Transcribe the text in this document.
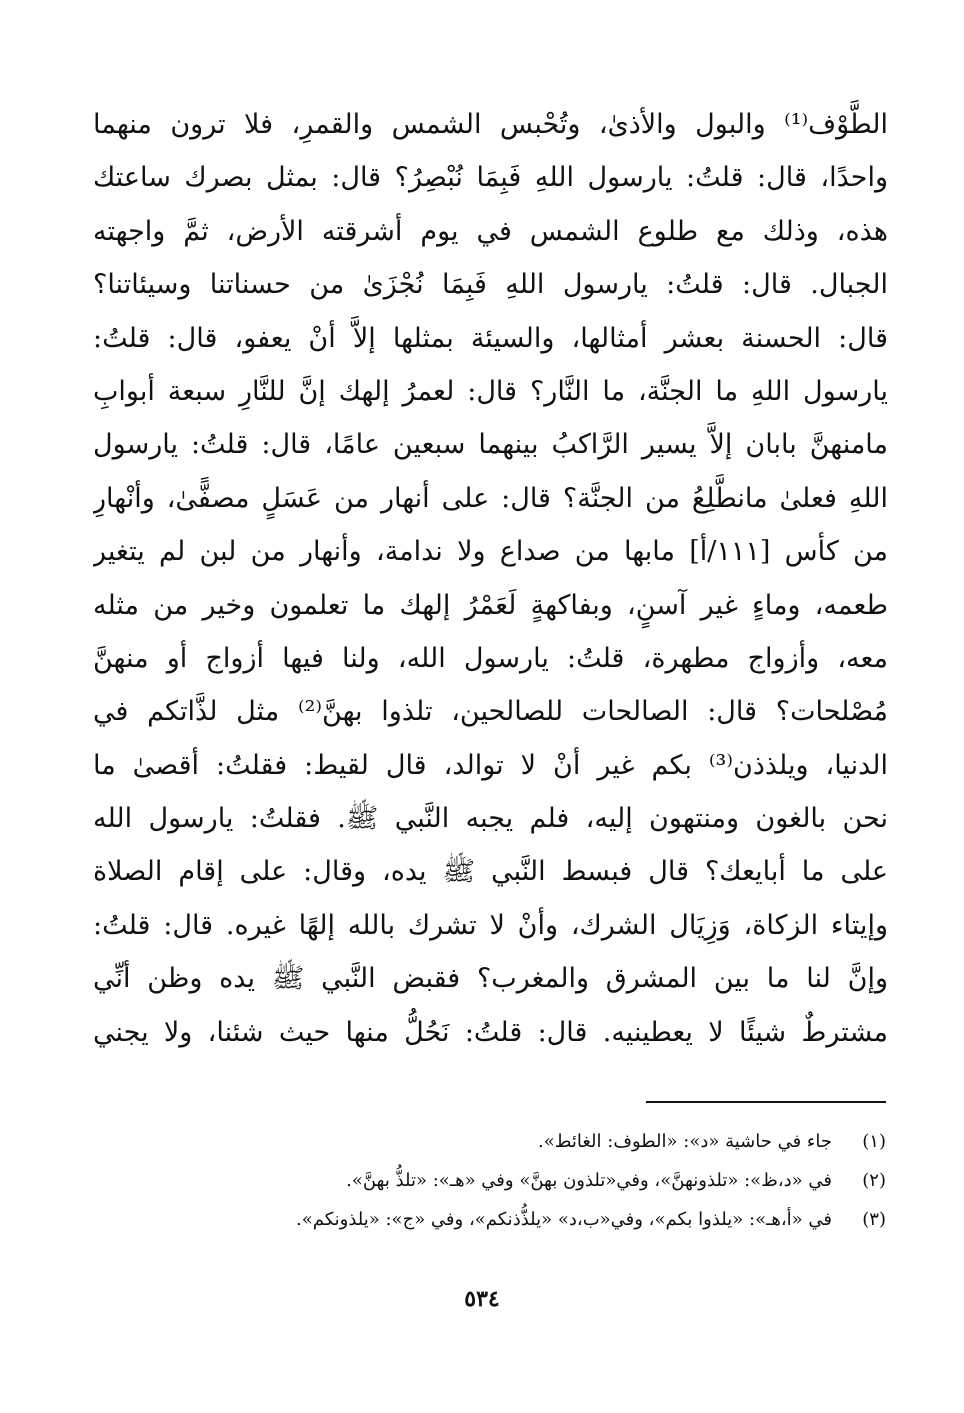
الطَّوْف⁽¹⁾ والبول والأذىٰ، وتُحْبس الشمس والقمرِ، فلا ترون منهما
واحدًا، قال: قلتُ: يارسول اللهِ فَبِمَا نُبْصِرُ؟ قال: بمثل بصرك ساعتك
هذه، وذلك مع طلوع الشمس في يوم أشرقته الأرض، ثمَّ واجهته
الجبال. قال: قلتُ: يارسول اللهِ فَبِمَا نُجْزَىٰ من حسناتنا وسيئاتنا؟
قال: الحسنة بعشر أمثالها، والسيئة بمثلها إلاَّ أنْ يعفو، قال: قلتُ:
يارسول اللهِ ما الجنَّة، ما النَّار؟ قال: لعمرُ إلهك إنَّ للنَّارِ سبعة أبوابِ
مامنهنَّ بابان إلاَّ يسير الرَّاكبُ بينهما سبعين عامًا، قال: قلتُ: يارسول
اللهِ فعلىٰ مانطَّلِعُ من الجنَّة؟ قال: على أنهار من عَسَلٍ مصفًّىٰ، وأنْهارِ
من كأس [١١١/أ] مابها من صداع ولا ندامة، وأنهار من لبن لم يتغير
طعمه، وماءٍ غير آسنٍ، وبفاكهةٍ لَعَمْرُ إلهك ما تعلمون وخير من مثله
معه، وأزواج مطهرة، قلتُ: يارسول الله، ولنا فيها أزواج أو منهنَّ
مُصْلحات؟ قال: الصالحات للصالحين، تلذوا بهنَّ⁽²⁾ مثل لذَّاتكم في
الدنيا، ويلذذن⁽³⁾ بكم غير أنْ لا توالد، قال لقيط: فقلتُ: أقصىٰ ما
نحن بالغون ومنتهون إليه، فلم يجبه النَّبي ﷺ. فقلتُ: يارسول الله
على ما أبايعك؟ قال فبسط النَّبي ﷺ يده، وقال: على إقام الصلاة
وإيتاء الزكاة، وَزِيَال الشرك، وأنْ لا تشرك بالله إلهًا غيره. قال: قلتُ:
وإنَّ لنا ما بين المشرق والمغرب؟ فقبض النَّبي ﷺ يده وظن أنِّي
مشترطٌ شيئًا لا يعطينيه. قال: قلتُ: نَحُلُّ منها حيث شئنا، ولا يجني
(١)
جاء في حاشية «د»: «الطوف: الغائط».
(٢)
في «د،ظ»: «تلذونهنَّ»، وفي«تلذون بهنَّ» وفي «هـ»: «تلذُّ بهنَّ».
(٣)
في «أ،هـ»: «يلذوا بكم»، وفي«ب،د» «يلذُّذنكم»، وفي «ج»: «يلذونكم».
٥٣٤
